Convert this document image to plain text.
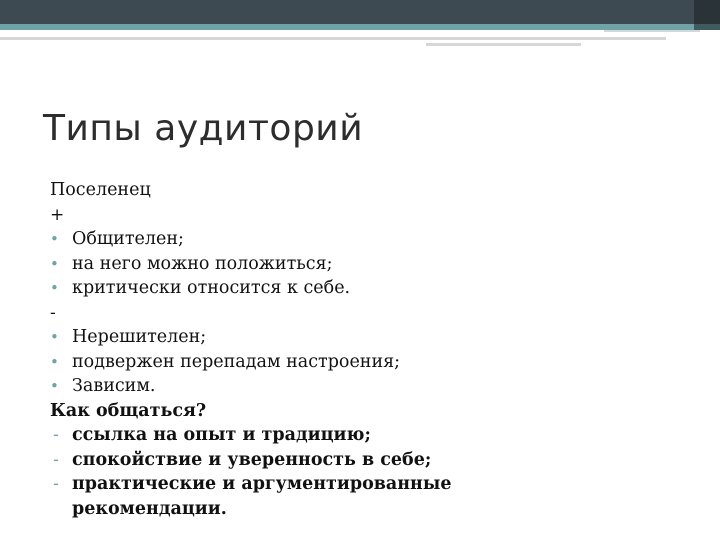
Типы аудиторий
Поселенец
+
• Общителен;
• на него можно положиться;
• критически относится к себе.
-
• Нерешителен;
• подвержен перепадам настроения;
• Зависим.
Как общаться?
- ссылка на опыт и традицию;
- спокойствие и уверенность в себе;
- практические и аргументированные
рекомендации.
